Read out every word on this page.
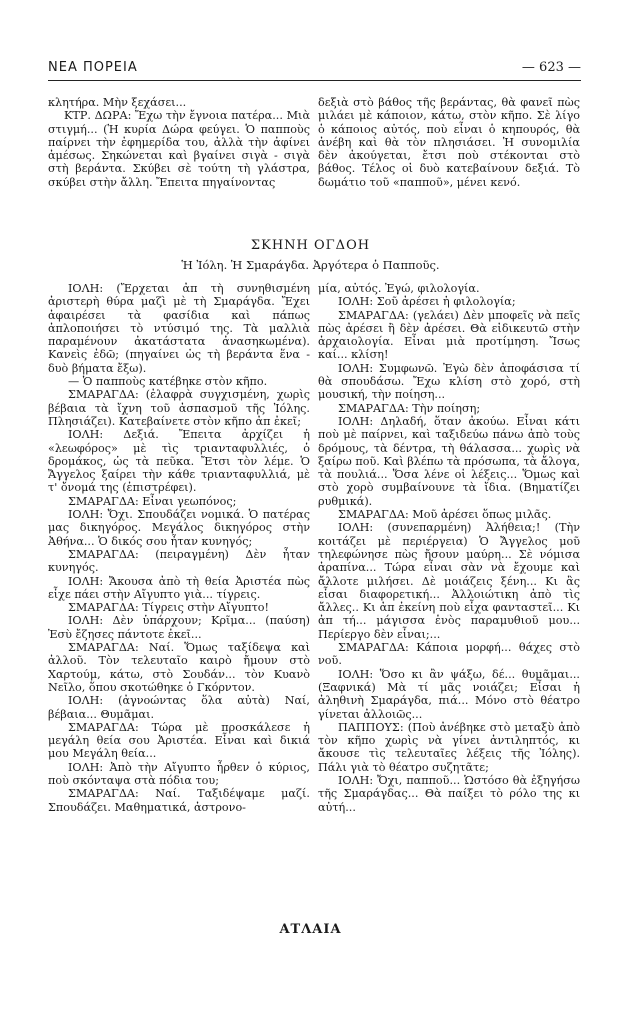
ΝΕΑ ΠΟΡΕΙΑ	— 623 —

κλητήρα. Μὴν ξεχάσει...

ΚΤΡ. ΔΩΡΑ: Ἔχω τὴν ἔγνοια πατέρα... Μιὰ στιγμή... (Ἡ κυρία Δώρα φεύγει. Ὁ παπποὺς παίρνει τὴν ἐφημερίδα του, ἀλλὰ τὴν ἀφίνει ἀμέσως. Σηκώνεται καὶ βγαίνει σιγὰ - σιγὰ στὴ βεράντα. Σκύβει σὲ τούτη τὴ γλάστρα, σκύβει στὴν ἄλλη. Ἔπειτα πηγαίνοντας

δεξιὰ στὸ βάθος τῆς βεράντας, θὰ φανεῖ πὼς μιλάει μὲ κάποιον, κάτω, στὸν κῆπο. Σὲ λίγο ὁ κάποιος αὐτός, ποὺ εἶναι ὁ κηπουρός, θὰ ἀνέβη καὶ θὰ τὸν πλησιάσει. Ἡ συνομιλία δὲν ἀκούγεται, ἔτσι ποὺ στέκονται στὸ βάθος. Τέλος οἱ δυὸ κατεβαίνουν δεξιά. Τὸ δωμάτιο τοῦ «παπποῦ», μένει κενό.

ΣΚΗΝΗ ΟΓΔΟΗ
Ἡ Ἰόλη. Ἡ Σμαράγδα. Ἀργότερα ὁ Παπποῦς.

ΙΟΛΗ: (Ἔρχεται ἀπ τὴ συνηθισμένη ἀριστερὴ θύρα μαζὶ μὲ τὴ Σμαράγδα. Ἔχει ἀφαιρέσει τὰ φασίδια καὶ πάπως ἀπλοποιήσει τὸ ντύσιμό της. Τὰ μαλλιὰ παραμένουν ἀκατάστατα ἀνασηκωμένα). Κανεὶς ἐδῶ; (πηγαίνει ὡς τὴ βεράντα ἕνα - δυὸ βήματα ἔξω).

— Ὁ παπποὺς κατέβηκε στὸν κῆπο.

ΣΜΑΡΑΓΔΑ: (ἐλαφρὰ συγχισμένη, χωρὶς βέβαια τὰ ἴχνη τοῦ ἀσπασμοῦ τῆς Ἰόλης. Πλησιάζει). Κατεβαίνετε στὸν κῆπο ἀπ ἐκεῖ;

ΙΟΛΗ: Δεξιά. Ἔπειτα ἀρχίζει ἡ «λεωφόρος» μὲ τὶς τριανταφυλλιές, ὁ δρομάκος, ὡς τὰ πεῦκα. Ἔτσι τὸν λέμε. Ὁ Ἄγγελος ξαίρει τὴν κάθε τριανταφυλλιά, μὲ τ' ὄνομά της (ἐπιστρέφει).

ΣΜΑΡΑΓΔΑ: Εἶναι γεωπόνος;

ΙΟΛΗ: Ὄχι. Σπουδάζει νομικά. Ὁ πατέρας μας δικηγόρος. Μεγάλος δικηγόρος στὴν Ἀθήνα... Ὁ δικός σου ἦταν κυνηγός;

ΣΜΑΡΑΓΔΑ: (πειραγμένη) Δὲν ἦταν κυνηγός.

ΙΟΛΗ: Ἄκουσα ἀπὸ τὴ θεία Ἀριστέα πὼς εἶχε πάει στὴν Αἴγυπτο γιὰ... τίγρεις.

ΣΜΑΡΑΓΔΑ: Τίγρεις στὴν Αἴγυπτο!

ΙΟΛΗ: Δὲν ὑπάρχουν; Κρῖμα... (παύση) Ἐσὺ ἔζησες πάντοτε ἐκεῖ...

ΣΜΑΡΑΓΔΑ: Ναί. Ὅμως ταξίδεψα καὶ ἀλλοῦ. Τὸν τελευταῖο καιρὸ ἤμουν στὸ Χαρτούμ, κάτω, στὸ Σουδάν... τὸν Κυανὸ Νεῖλο, ὅπου σκοτώθηκε ὁ Γκόρντον.

ΙΟΛΗ: (ἀγνοώντας ὅλα αὐτὰ) Ναί, βέβαια... Θυμᾶμαι.

ΣΜΑΡΑΓΔΑ: Τώρα μὲ προσκάλεσε ἡ μεγάλη θεία σου Ἀριστέα. Εἶναι καὶ δικιά μου Μεγάλη θεία...

ΙΟΛΗ: Ἀπὸ τὴν Αἴγυπτο ἦρθεν ὁ κύριος, ποὺ σκόνταψα στὰ πόδια του;

ΣΜΑΡΑΓΔΑ: Ναί. Ταξιδέψαμε μαζί. Σπουδάζει. Μαθηματικά, ἀστρονο-

μία, αὐτός. Ἐγώ, φιλολογία.

ΙΟΛΗ: Σοῦ ἀρέσει ἡ φιλολογία;

ΣΜΑΡΑΓΔΑ: (γελάει) Δὲν μποφεῖς νὰ πεῖς πὼς ἀρέσει ἢ δὲν ἀρέσει. Θὰ εἰδικευτῶ στὴν ἀρχαιολογία. Εἶναι μιὰ προτίμηση. Ἴσως καί... κλίση!

ΙΟΛΗ: Συμφωνῶ. Ἐγὼ δὲν ἀποφάσισα τί θὰ σπουδάσω. Ἔχω κλίση στὸ χορό, στὴ μουσική, τὴν ποίηση...

ΣΜΑΡΑΓΔΑ: Τὴν ποίηση;

ΙΟΛΗ: Δηλαδή, ὅταν ἀκούω. Εἶναι κάτι ποὺ μὲ παίρνει, καὶ ταξιδεύω πάνω ἀπὸ τοὺς δρόμους, τὰ δέντρα, τὴ θάλασσα... χωρὶς νὰ ξαίρω ποῦ. Καὶ βλέπω τὰ πρόσωπα, τὰ ἄλογα, τὰ πουλιά... Ὅσα λένε οἱ λέξεις... Ὅμως καὶ στὸ χορὸ συμβαίνουνε τὰ ἴδια. (Βηματίζει ρυθμικά).

ΣΜΑΡΑΓΔΑ: Μοῦ ἀρέσει ὅπως μιλᾶς.

ΙΟΛΗ: (συνεπαρμένη) Ἀλήθεια;! (Τὴν κοιτάζει μὲ περιέργεια) Ὁ Ἄγγελος μοῦ τηλεφώνησε πὼς ἤσουν μαύρη... Σὲ νόμισα ἀραπίνα... Τώρα εἶναι σὰν νὰ ἔχουμε καὶ ἄλλοτε μιλήσει. Δὲ μοιάζεις ξένη... Κι ἂς εἶσαι διαφορετική... Ἀλλοιώτικη ἀπὸ τὶς ἄλλες.. Κι ἀπ ἐκείνη ποὺ εἶχα φανταστεῖ... Κι ἀπ τή... μάγισσα ἑνὸς παραμυθιοῦ μου... Περίεργο δὲν εἶναι;...

ΣΜΑΡΑΓΔΑ: Κάποια μορφή... θάχες στὸ νοῦ.

ΙΟΛΗ: Ὅσο κι ἂν ψάξω, δέ... θυμᾶμαι... (Ξαφνικά) Μὰ τί μᾶς νοιάζει; Εἶσαι ἡ ἀληθινὴ Σμαράγδα, πιά... Μόνο στὸ θέατρο γίνεται ἀλλοιῶς...

ΠΑΠΠΟΥΣ: (Ποὺ ἀνέβηκε στὸ μεταξὺ ἀπὸ τὸν κῆπο χωρὶς νὰ γίνει ἀντιληπτός, κι ἄκουσε τὶς τελευταῖες λέξεις τῆς Ἰόλης). Πάλι γιὰ τὸ θέατρο συζητᾶτε;

ΙΟΛΗ: Ὄχι, παπποῦ... Ὡστόσο θὰ ἐξηγήσω τῆς Σμαράγδας... Θὰ παίξει τὸ ρόλο της κι αὐτή...

ΑΤΛΑΙΑ
